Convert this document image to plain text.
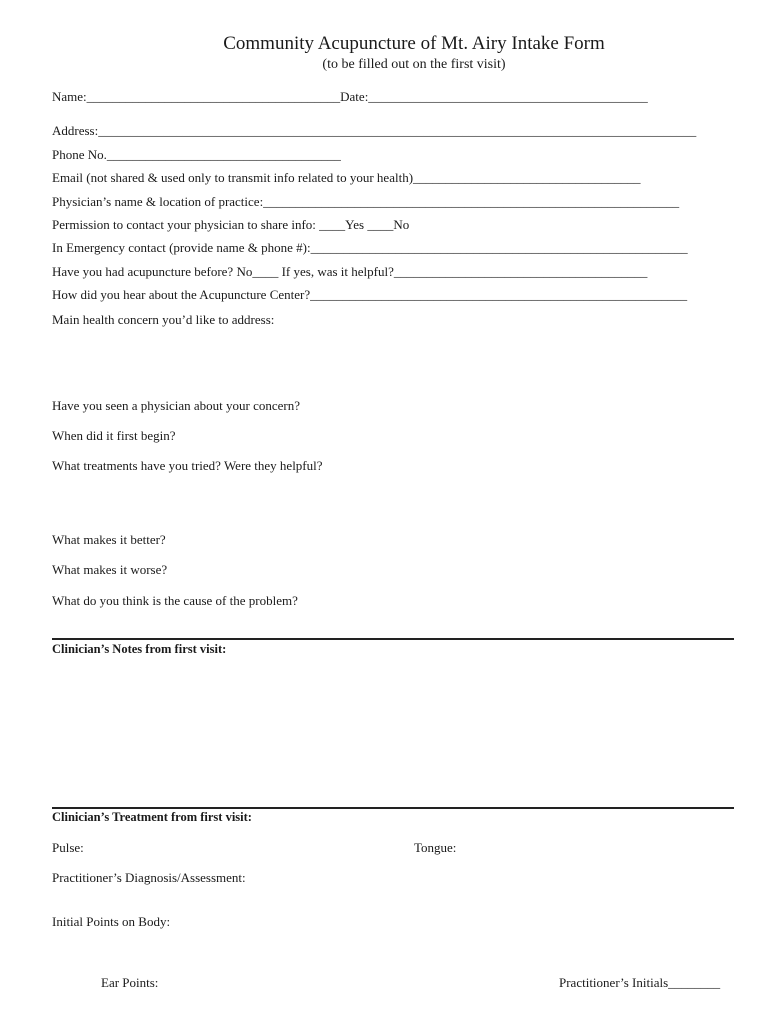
Community Acupuncture of Mt. Airy Intake Form
(to be filled out on the first visit)
Name:_______________________________________Date:___________________________________________
Address:____________________________________________________________________________________________
Phone No.____________________________________
Email (not shared & used only to transmit info related to your health)___________________________________
Physician’s name & location of practice:________________________________________________________________
Permission to contact your physician to share info: ____Yes ____No
In Emergency contact (provide name & phone #):__________________________________________________________
Have you had acupuncture before? No____ If yes, was it helpful?_______________________________________
How did you hear about the Acupuncture Center?__________________________________________________________
Main health concern you’d like to address:
Have you seen a physician about your concern?
When did it first begin?
What treatments have you tried? Were they helpful?
What makes it better?
What makes it worse?
What do you think is the cause of the problem?
Clinician’s Notes from first visit:
Clinician’s Treatment from first visit:
Pulse:	Tongue:
Practitioner’s Diagnosis/Assessment:
Initial Points on Body:
Ear Points:	Practitioner’s Initials________
